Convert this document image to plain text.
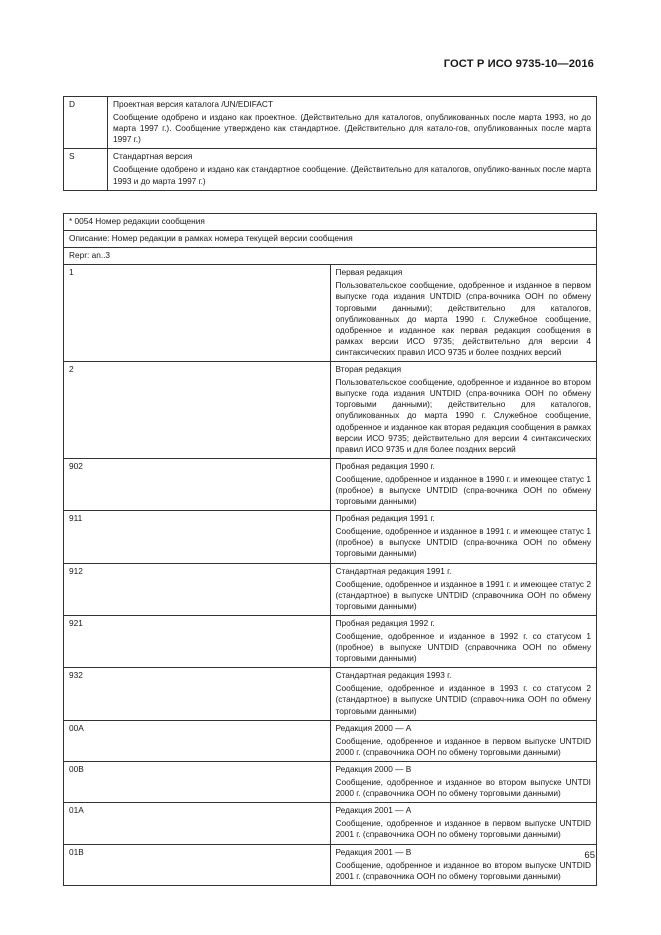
ГОСТ Р ИСО 9735-10—2016
D	Проектная версия каталога /UN/EDIFACT
Сообщение одобрено и издано как проектное. (Действительно для каталогов, опубликованных после марта 1993, но до марта 1997 г.). Сообщение утверждено как стандартное. (Действительно для катало-гов, опубликованных после марта 1997 г.)

S	Стандартная версия
Сообщение одобрено и издано как стандартное сообщение. (Действительно для каталогов, опублико-ванных после марта 1993 и до марта 1997 г.)
* 0054 Номер редакции сообщения	
Описание: Номер редакции в рамках номера текущей версии сообщения	
Repr: an..3	
1	Первая редакция
Пользовательское сообщение, одобренное и изданное в первом выпуске года издания UNTDID (спра-вочника ООН по обмену торговыми данными); действительно для каталогов, опубликованных до марта 1990 г. Служебное сообщение, одобренное и изданное как первая редакция сообщения в рамках версии ИСО 9735; действительно для версии 4 синтаксических правил ИСО 9735 и более поздних версий

2	Вторая редакция
Пользовательское сообщение, одобренное и изданное во втором выпуске года издания UNTDID (спра-вочника ООН по обмену торговыми данными); действительно для каталогов, опубликованных до марта 1990 г. Служебное сообщение, одобренное и изданное как вторая редакция сообщения в рамках версии ИСО 9735; действительно для версии 4 синтаксических правил ИСО 9735 и для более поздних версий

902	Пробная редакция 1990 г.
Сообщение, одобренное и изданное в 1990 г. и имеющее статус 1 (пробное) в выпуске UNTDID (спра-вочника ООН по обмену торговыми данными)

911	Пробная редакция 1991 г.
Сообщение, одобренное и изданное в 1991 г. и имеющее статус 1 (пробное) в выпуске UNTDID (спра-вочника ООН по обмену торговыми данными)

912	Стандартная редакция 1991 г.
Сообщение, одобренное и изданное в 1991 г. и имеющее статус 2 (стандартное) в выпуске UNTDID (справочника ООН по обмену торговыми данными)

921	Пробная редакция 1992 г.
Сообщение, одобренное и изданное в 1992 г. со статусом 1 (пробное) в выпуске UNTDID (справочника ООН по обмену торговыми данными)

932	Стандартная редакция 1993 г.
Сообщение, одобренное и изданное в 1993 г. со статусом 2 (стандартное) в выпуске UNTDID (справоч-ника ООН по обмену торговыми данными)

00A	Редакция 2000 — А
Сообщение, одобренное и изданное в первом выпуске UNTDID 2000 г. (справочника ООН по обмену торговыми данными)

00B	Редакция 2000 — В
Сообщение, одобренное и изданное во втором выпуске UNTDI 2000 г. (справочника ООН по обмену торговыми данными)

01A	Редакция 2001 — А
Сообщение, одобренное и изданное в первом выпуске UNTDID 2001 г. (справочника ООН по обмену торговыми данными)

01B	Редакция 2001 — В
Сообщение, одобренное и изданное во втором выпуске UNTDID 2001 г. (справочника ООН по обмену торговыми данными)
65
